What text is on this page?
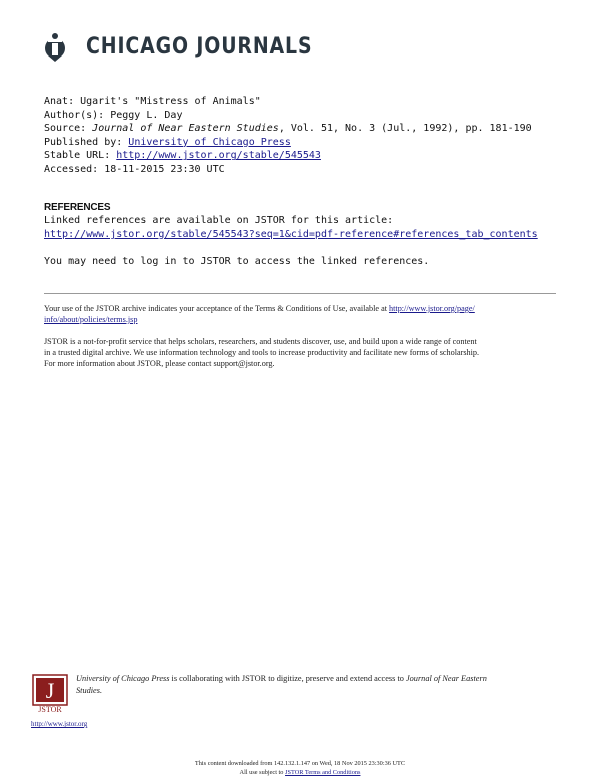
CHICAGO JOURNALS
Anat: Ugarit's "Mistress of Animals"
Author(s): Peggy L. Day
Source: Journal of Near Eastern Studies, Vol. 51, No. 3 (Jul., 1992), pp. 181-190
Published by: University of Chicago Press
Stable URL: http://www.jstor.org/stable/545543
Accessed: 18-11-2015 23:30 UTC
REFERENCES
Linked references are available on JSTOR for this article:
http://www.jstor.org/stable/545543?seq=1&cid=pdf-reference#references_tab_contents
You may need to log in to JSTOR to access the linked references.
Your use of the JSTOR archive indicates your acceptance of the Terms & Conditions of Use, available at http://www.jstor.org/page/
info/about/policies/terms.jsp
JSTOR is a not-for-profit service that helps scholars, researchers, and students discover, use, and build upon a wide range of content
in a trusted digital archive. We use information technology and tools to increase productivity and facilitate new forms of scholarship.
For more information about JSTOR, please contact support@jstor.org.
J
JSTOR
University of Chicago Press is collaborating with JSTOR to digitize, preserve and extend access to Journal of Near Eastern
Studies.
http://www.jstor.org
This content downloaded from 142.132.1.147 on Wed, 18 Nov 2015 23:30:36 UTC
All use subject to JSTOR Terms and Conditions
